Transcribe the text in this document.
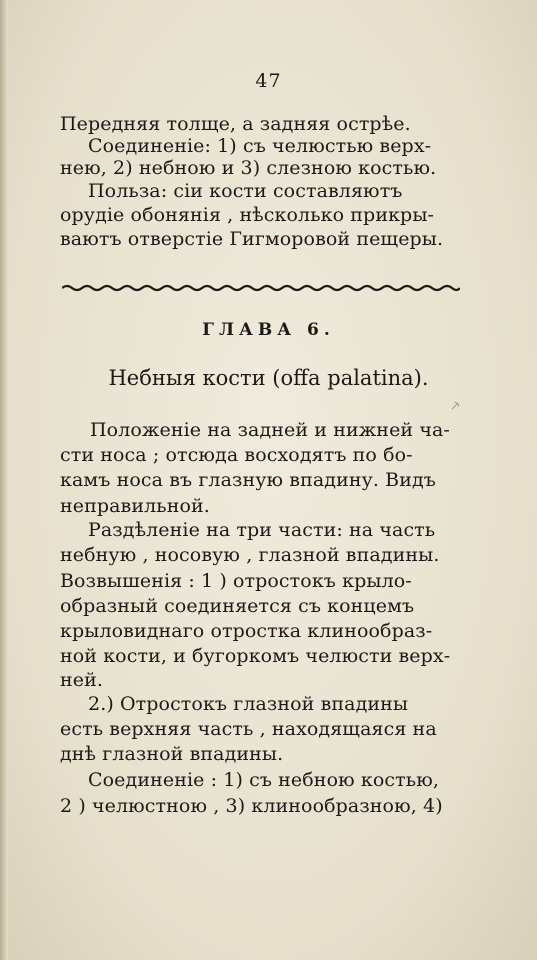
47
Передняя толще, а задняя острѣе.
Соединенiе: 1) съ челюстью верх-
нею, 2) небною и 3) слезною костью.
Польза: сiи кости составляютъ
орудiе обонянiя , нѣсколько прикры-
ваютъ отверстiе Гигморовой пещеры.
ГЛАВА 6.
Небныя кости (offa palatina).
⸕
Положенiе на задней и нижней ча-
сти носа ; отсюда восходятъ по бо-
камъ носа въ глазную впадину. Видъ
неправильной.
Раздѣленiе на три части: на часть
небную , носовую , глазной впадины.
Возвышенiя : 1 ) отростокъ крыло-
образный соединяется съ концемъ
крыловиднаго отростка клинообраз-
ной кости, и бугоркомъ челюсти верх-
ней.
2.) Отростокъ глазной впадины
есть верхняя часть , находящаяся на
днѣ глазной впадины.
Соединенiе : 1) съ небною костью,
2 ) челюстною , 3) клинообразною, 4)
